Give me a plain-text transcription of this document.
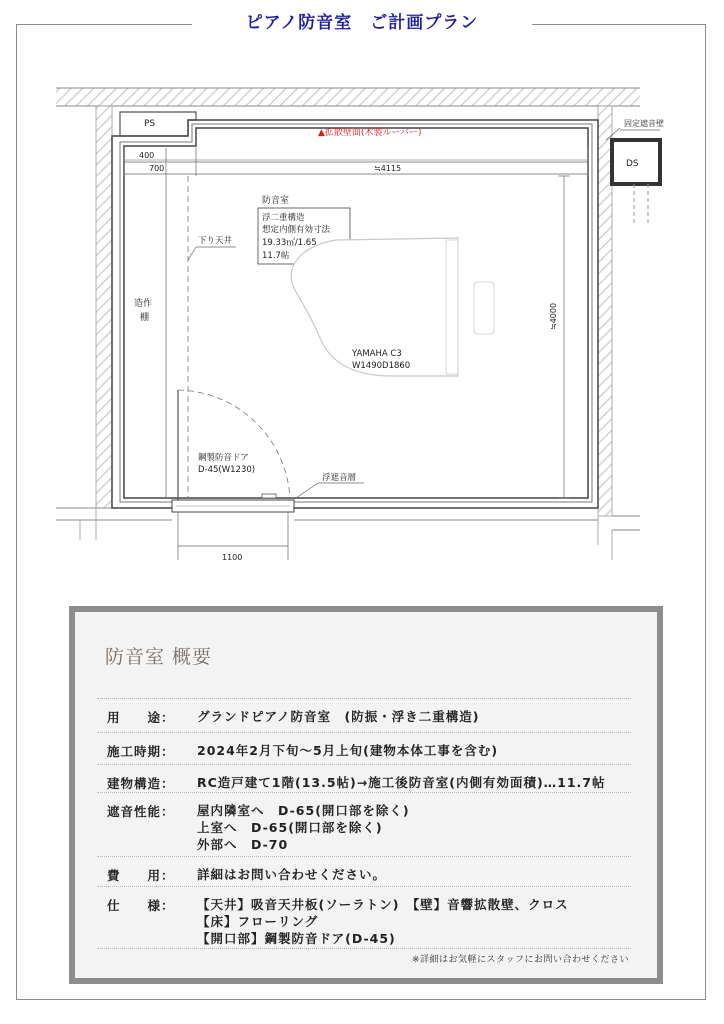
ピアノ防音室　ご計画プラン
PS
DS
固定遮音壁
▲拡散壁面(木製ルーバー)
400
700	≒4115
≒4000
造作
棚
下り天井
防音室
浮二重構造
想定内側有効寸法
19.33㎡/1.65
11.7帖
YAMAHA C3
W1490D1860
鋼製防音ドア
D-45(W1230)
1100
浮遮音層
防音室 概要
用　　途：	グランドピアノ防音室　(防振・浮き二重構造)
施工時期：	2024年2月下旬～5月上旬(建物本体工事を含む)
建物構造：	RC造戸建て1階(13.5帖)→施工後防音室(内側有効面積)…11.7帖
遮音性能：	屋内隣室へ　D-65(開口部を除く)
上室へ　D-65(開口部を除く)
外部へ　D-70
費　　用：	詳細はお問い合わせください。
仕　　様：	【天井】吸音天井板(ソーラトン)　【壁】音響拡散壁、クロス
【床】フローリング
【開口部】鋼製防音ドア(D-45)
※詳細はお気軽にスタッフにお問い合わせください
